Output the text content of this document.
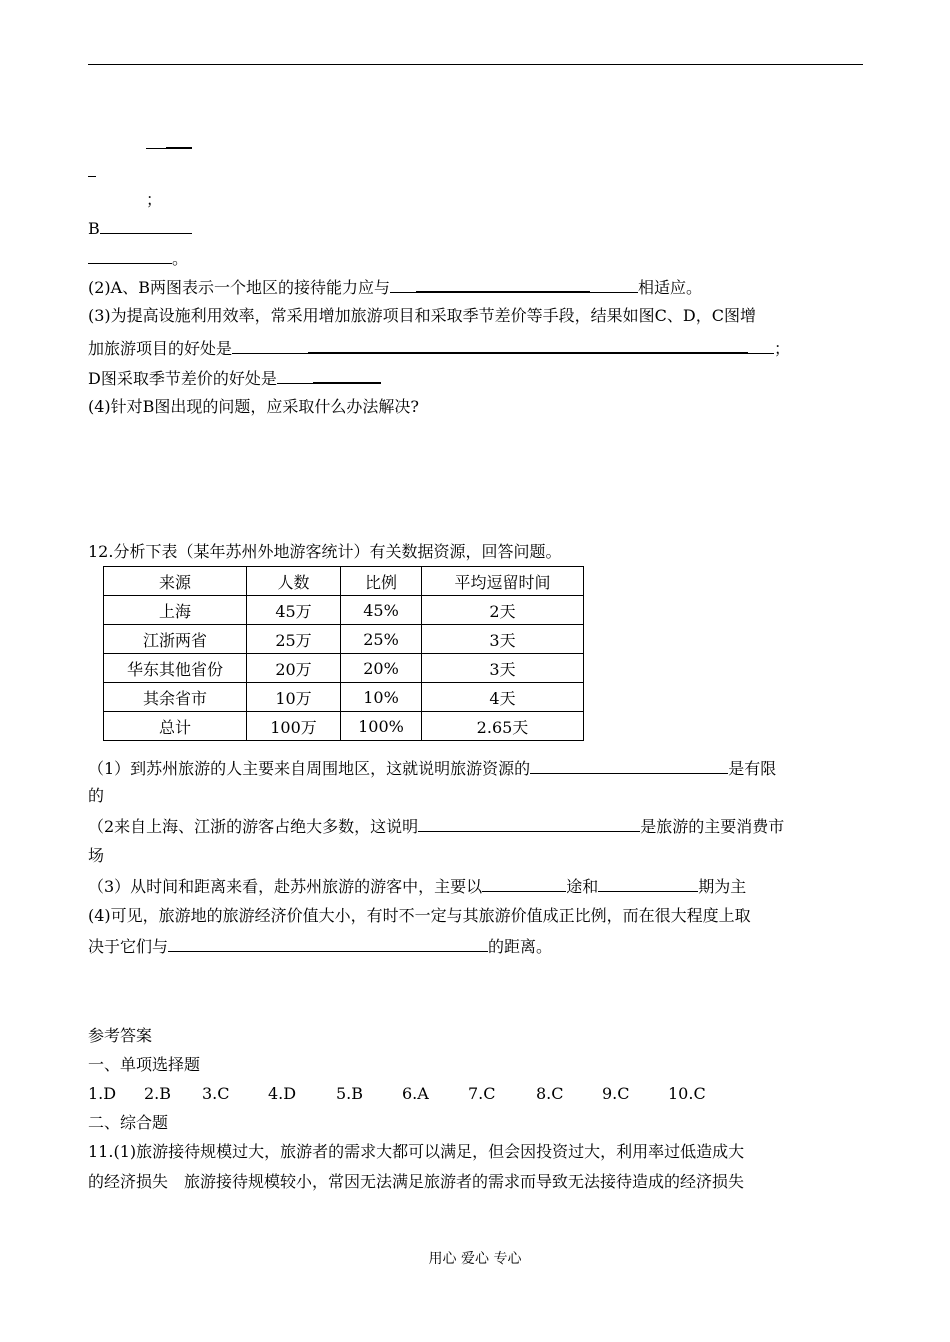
；
B
。
(2)A、B两图表示一个地区的接待能力应与	相适应。
(3)为提高设施利用效率，常采用增加旅游项目和采取季节差价等手段，结果如图C、D，C图增
加旅游项目的好处是	；
D图采取季节差价的好处是
(4)针对B图出现的问题，应采取什么办法解决?
12.分析下表（某年苏州外地游客统计）有关数据资源，回答问题。
来源	人数	比例	平均逗留时间
上海	45万	45%	2天
江浙两省	25万	25%	3天
华东其他省份	20万	20%	3天
其余省市	10万	10%	4天
总计	100万	100%	2.65天
（1）到苏州旅游的人主要来自周围地区，这就说明旅游资源的	是有限
的
（2来自上海、江浙的游客占绝大多数，这说明	是旅游的主要消费市
场
（3）从时间和距离来看，赴苏州旅游的游客中，主要以	途和	期为主
(4)可见，旅游地的旅游经济价值大小，有时不一定与其旅游价值成正比例，而在很大程度上取
决于它们与	的距离。
参考答案
一、单项选择题
1.D 2.B 3.C 4.D 5.B 6.A 7.C	8.C 9.C 10.C
二、综合题
11.(1)旅游接待规模过大，旅游者的需求大都可以满足，但会因投资过大，利用率过低造成大
的经济损失　旅游接待规模较小，常因无法满足旅游者的需求而导致无法接待造成的经济损失
用心 爱心 专心
